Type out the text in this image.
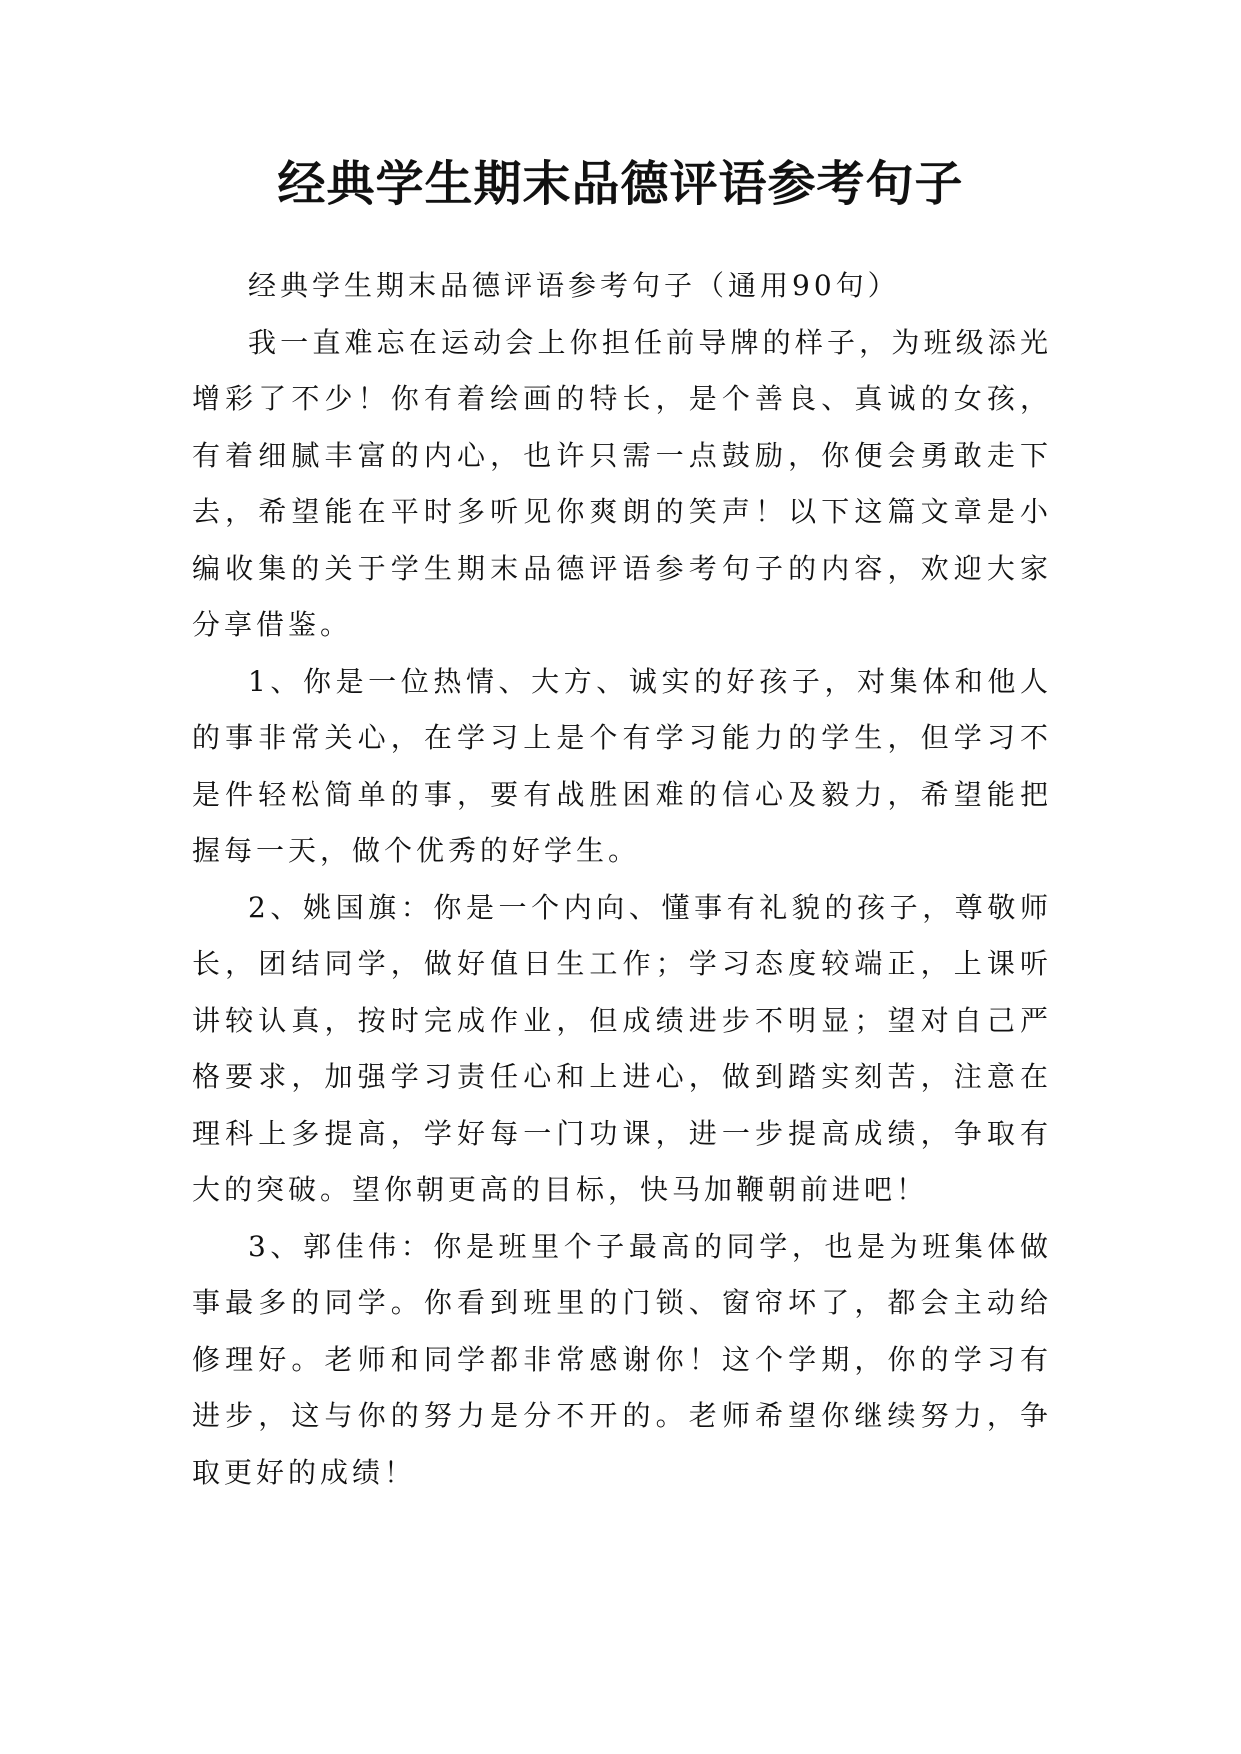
经典学生期末品德评语参考句子

经典学生期末品德评语参考句子（通用90句）

我一直难忘在运动会上你担任前导牌的样子，为班级添光增彩了不少！你有着绘画的特长，是个善良、真诚的女孩，有着细腻丰富的内心，也许只需一点鼓励，你便会勇敢走下去，希望能在平时多听见你爽朗的笑声！以下这篇文章是小编收集的关于学生期末品德评语参考句子的内容，欢迎大家分享借鉴。

1、你是一位热情、大方、诚实的好孩子，对集体和他人的事非常关心，在学习上是个有学习能力的学生，但学习不是件轻松简单的事，要有战胜困难的信心及毅力，希望能把握每一天，做个优秀的好学生。

2、姚国旗：你是一个内向、懂事有礼貌的孩子，尊敬师长，团结同学，做好值日生工作；学习态度较端正，上课听讲较认真，按时完成作业，但成绩进步不明显；望对自己严格要求，加强学习责任心和上进心，做到踏实刻苦，注意在理科上多提高，学好每一门功课，进一步提高成绩，争取有大的突破。望你朝更高的目标，快马加鞭朝前进吧！

3、郭佳伟：你是班里个子最高的同学，也是为班集体做事最多的同学。你看到班里的门锁、窗帘坏了，都会主动给修理好。老师和同学都非常感谢你！这个学期，你的学习有进步，这与你的努力是分不开的。老师希望你继续努力，争取更好的成绩！
